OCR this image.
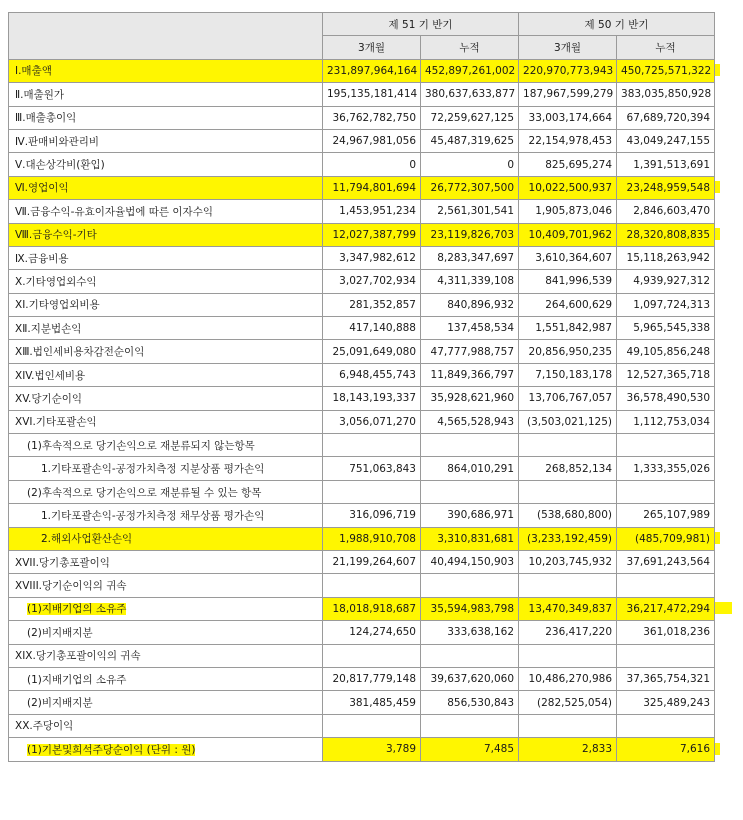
	제 51 기 반기		제 50 기 반기	
	3개월	누적	3개월	누적
Ⅰ.매출액	231,897,964,164	452,897,261,002	220,970,773,943	450,725,571,322
Ⅱ.매출원가	195,135,181,414	380,637,633,877	187,967,599,279	383,035,850,928
Ⅲ.매출총이익	36,762,782,750	72,259,627,125	33,003,174,664	67,689,720,394
Ⅳ.판매비와관리비	24,967,981,056	45,487,319,625	22,154,978,453	43,049,247,155
Ⅴ.대손상각비(환입)	0	0	825,695,274	1,391,513,691
Ⅵ.영업이익	11,794,801,694	26,772,307,500	10,022,500,937	23,248,959,548
Ⅶ.금융수익-유효이자율법에 따른 이자수익	1,453,951,234	2,561,301,541	1,905,873,046	2,846,603,470
Ⅷ.금융수익-기타	12,027,387,799	23,119,826,703	10,409,701,962	28,320,808,835
Ⅸ.금융비용	3,347,982,612	8,283,347,697	3,610,364,607	15,118,263,942
Ⅹ.기타영업외수익	3,027,702,934	4,311,339,108	841,996,539	4,939,927,312
XI.기타영업외비용	281,352,857	840,896,932	264,600,629	1,097,724,313
XⅡ.지분법손익	417,140,888	137,458,534	1,551,842,987	5,965,545,338
XⅢ.법인세비용차감전순이익	25,091,649,080	47,777,988,757	20,856,950,235	49,105,856,248
XIV.법인세비용	6,948,455,743	11,849,366,797	7,150,183,178	12,527,365,718
XV.당기순이익	18,143,193,337	35,928,621,960	13,706,767,057	36,578,490,530
XVI.기타포괄손익	3,056,071,270	4,565,528,943	(3,503,021,125)	1,112,753,034
(1)후속적으로 당기손익으로 재분류되지 않는항목				
1.기타포괄손익-공정가치측정 지분상품 평가손익	751,063,843	864,010,291	268,852,134	1,333,355,026
(2)후속적으로 당기손익으로 재분류될 수 있는 항목				
1.기타포괄손익-공정가치측정 채무상품 평가손익	316,096,719	390,686,971	(538,680,800)	265,107,989
2.해외사업환산손익	1,988,910,708	3,310,831,681	(3,233,192,459)	(485,709,981)
XVII.당기총포괄이익	21,199,264,607	40,494,150,903	10,203,745,932	37,691,243,564
XVIII.당기순이익의 귀속				
(1)지배기업의 소유주	18,018,918,687	35,594,983,798	13,470,349,837	36,217,472,294
(2)비지배지분	124,274,650	333,638,162	236,417,220	361,018,236
XIX.당기총포괄이익의 귀속				
(1)지배기업의 소유주	20,817,779,148	39,637,620,060	10,486,270,986	37,365,754,321
(2)비지배지분	381,485,459	856,530,843	(282,525,054)	325,489,243
XX.주당이익				
(1)기본및희석주당순이익 (단위 : 원)	3,789	7,485	2,833	7,616
